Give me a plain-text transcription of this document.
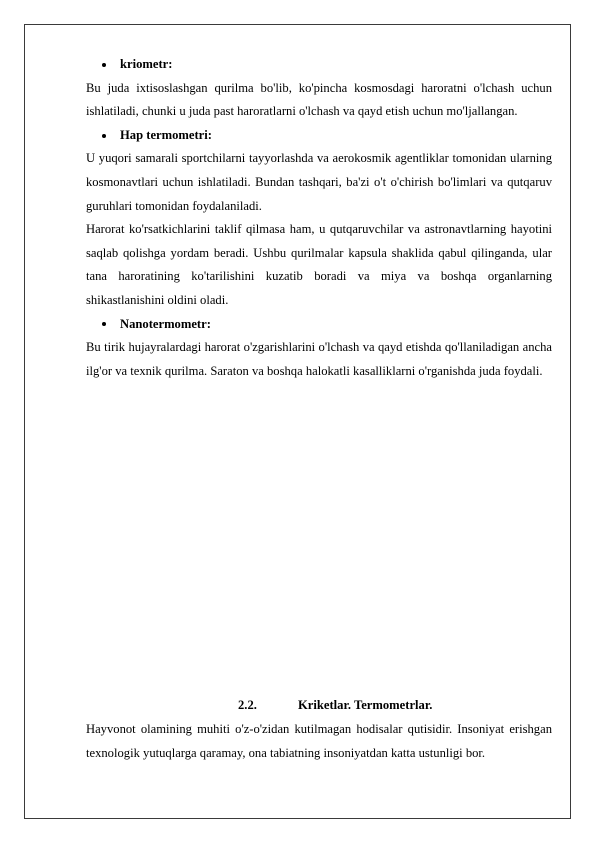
kriometr:

Bu juda ixtisoslashgan qurilma bo'lib, ko'pincha kosmosdagi haroratni o'lchash uchun ishlatiladi, chunki u juda past haroratlarni o'lchash va qayd etish uchun mo'ljallangan.

Hap termometri:

U yuqori samarali sportchilarni tayyorlashda va aerokosmik agentliklar tomonidan ularning kosmonavtlari uchun ishlatiladi. Bundan tashqari, ba'zi o't o'chirish bo'limlari va qutqaruv guruhlari tomonidan foydalaniladi.

Harorat ko'rsatkichlarini taklif qilmasa ham, u qutqaruvchilar va astronavtlarning hayotini saqlab qolishga yordam beradi. Ushbu qurilmalar kapsula shaklida qabul qilinganda, ular tana haroratining ko'tarilishini kuzatib boradi va miya va boshqa organlarning shikastlanishini oldini oladi.

Nanotermometr:

Bu tirik hujayralardagi harorat o'zgarishlarini o'lchash va qayd etishda qo'llaniladigan ancha ilg'or va texnik qurilma. Saraton va boshqa halokatli kasalliklarni o'rganishda juda foydali.

2.2.	Kriketlar. Termometrlar.

Hayvonot olamining muhiti o'z-o'zidan kutilmagan hodisalar qutisidir. Insoniyat erishgan texnologik yutuqlarga qaramay, ona tabiatning insoniyatdan katta ustunligi bor.
